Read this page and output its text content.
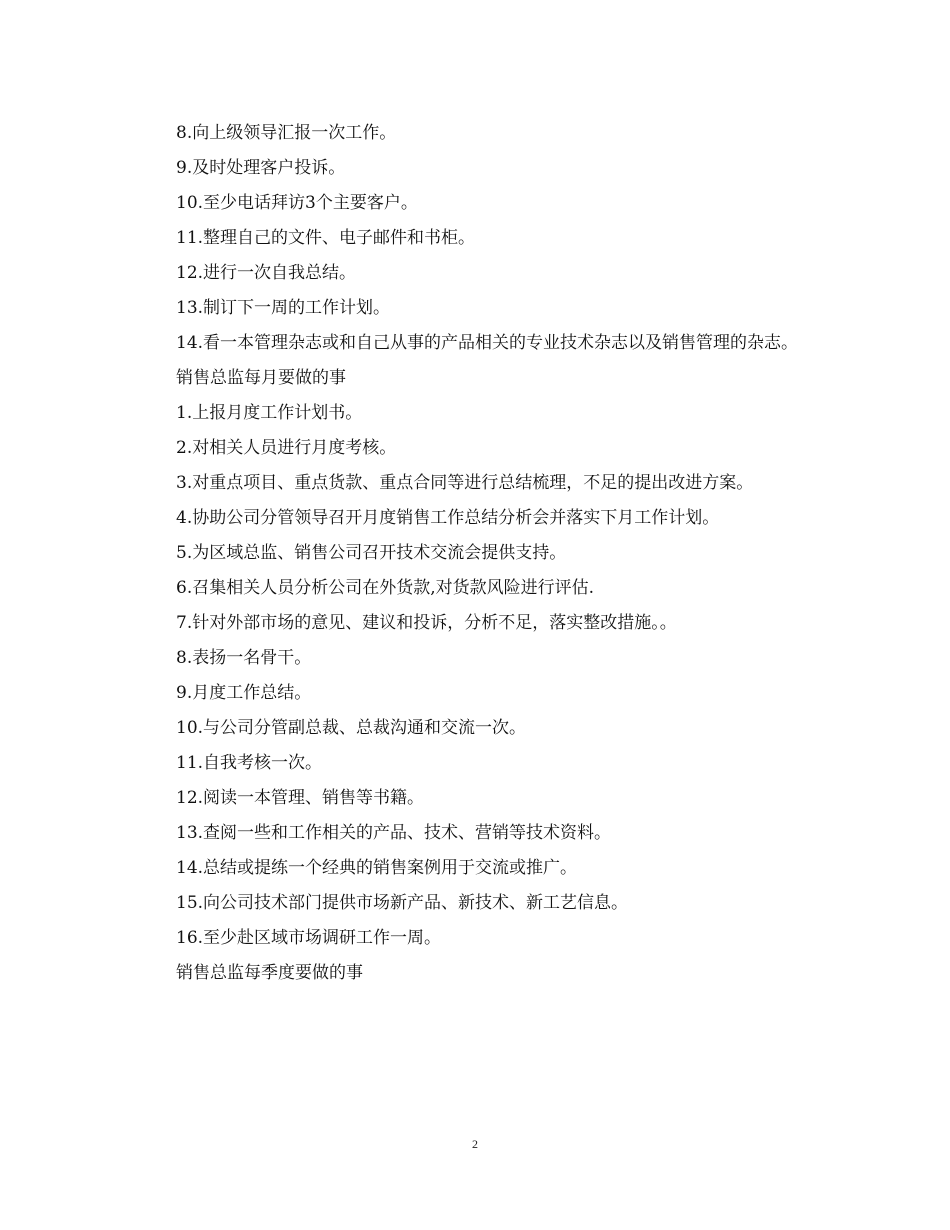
8.向上级领导汇报一次工作。

9.及时处理客户投诉。

10.至少电话拜访3个主要客户。

11.整理自己的文件、电子邮件和书柜。

12.进行一次自我总结。

13.制订下一周的工作计划。

14.看一本管理杂志或和自己从事的产品相关的专业技术杂志以及销售管理的杂志。

销售总监每月要做的事

1.上报月度工作计划书。

2.对相关人员进行月度考核。

3.对重点项目、重点货款、重点合同等进行总结梳理，不足的提出改进方案。

4.协助公司分管领导召开月度销售工作总结分析会并落实下月工作计划。

5.为区域总监、销售公司召开技术交流会提供支持。

6.召集相关人员分析公司在外货款,对货款风险进行评估.

7.针对外部市场的意见、建议和投诉，分析不足，落实整改措施。。

8.表扬一名骨干。

9.月度工作总结。

10.与公司分管副总裁、总裁沟通和交流一次。

11.自我考核一次。

12.阅读一本管理、销售等书籍。

13.查阅一些和工作相关的产品、技术、营销等技术资料。

14.总结或提练一个经典的销售案例用于交流或推广。

15.向公司技术部门提供市场新产品、新技术、新工艺信息。

16.至少赴区域市场调研工作一周。

销售总监每季度要做的事

2
